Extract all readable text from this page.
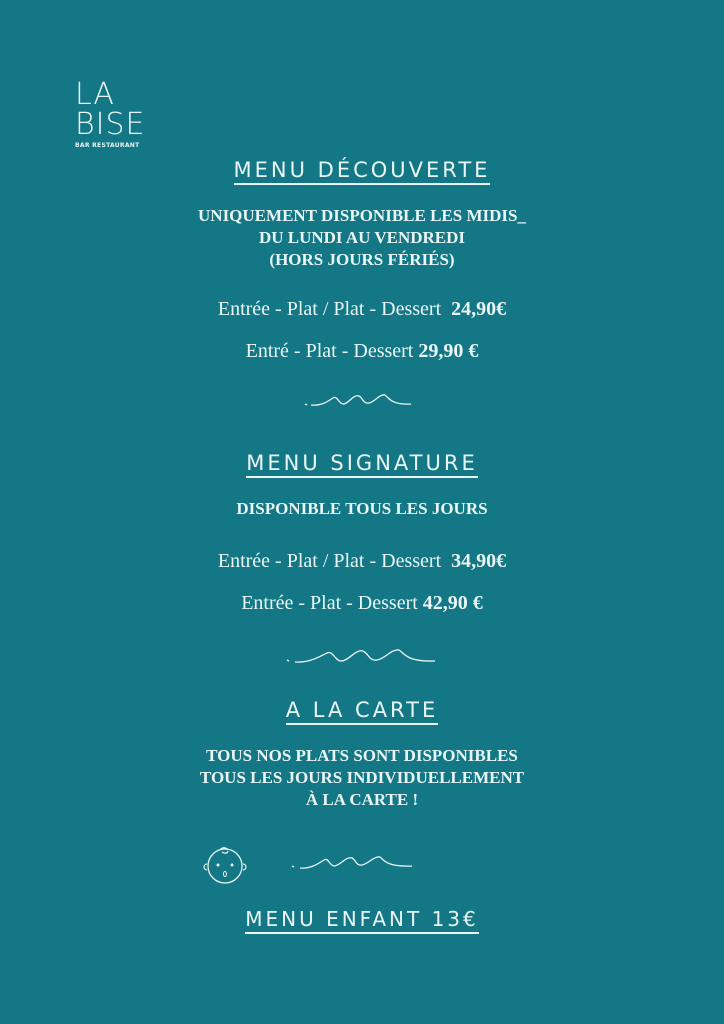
LA
BISE
BAR RESTAURANT
MENU DÉCOUVERTE
UNIQUEMENT DISPONIBLE LES MIDIS_
DU LUNDI AU VENDREDI
(HORS JOURS FÉRIÉS)
Entrée - Plat / Plat - Dessert 24,90€
Entré - Plat - Dessert 29,90 €
MENU SIGNATURE
DISPONIBLE TOUS LES JOURS
Entrée - Plat / Plat - Dessert 34,90€
Entrée - Plat - Dessert 42,90 €
A LA CARTE
TOUS NOS PLATS SONT DISPONIBLES
TOUS LES JOURS INDIVIDUELLEMENT
À LA CARTE !
MENU ENFANT 13€
